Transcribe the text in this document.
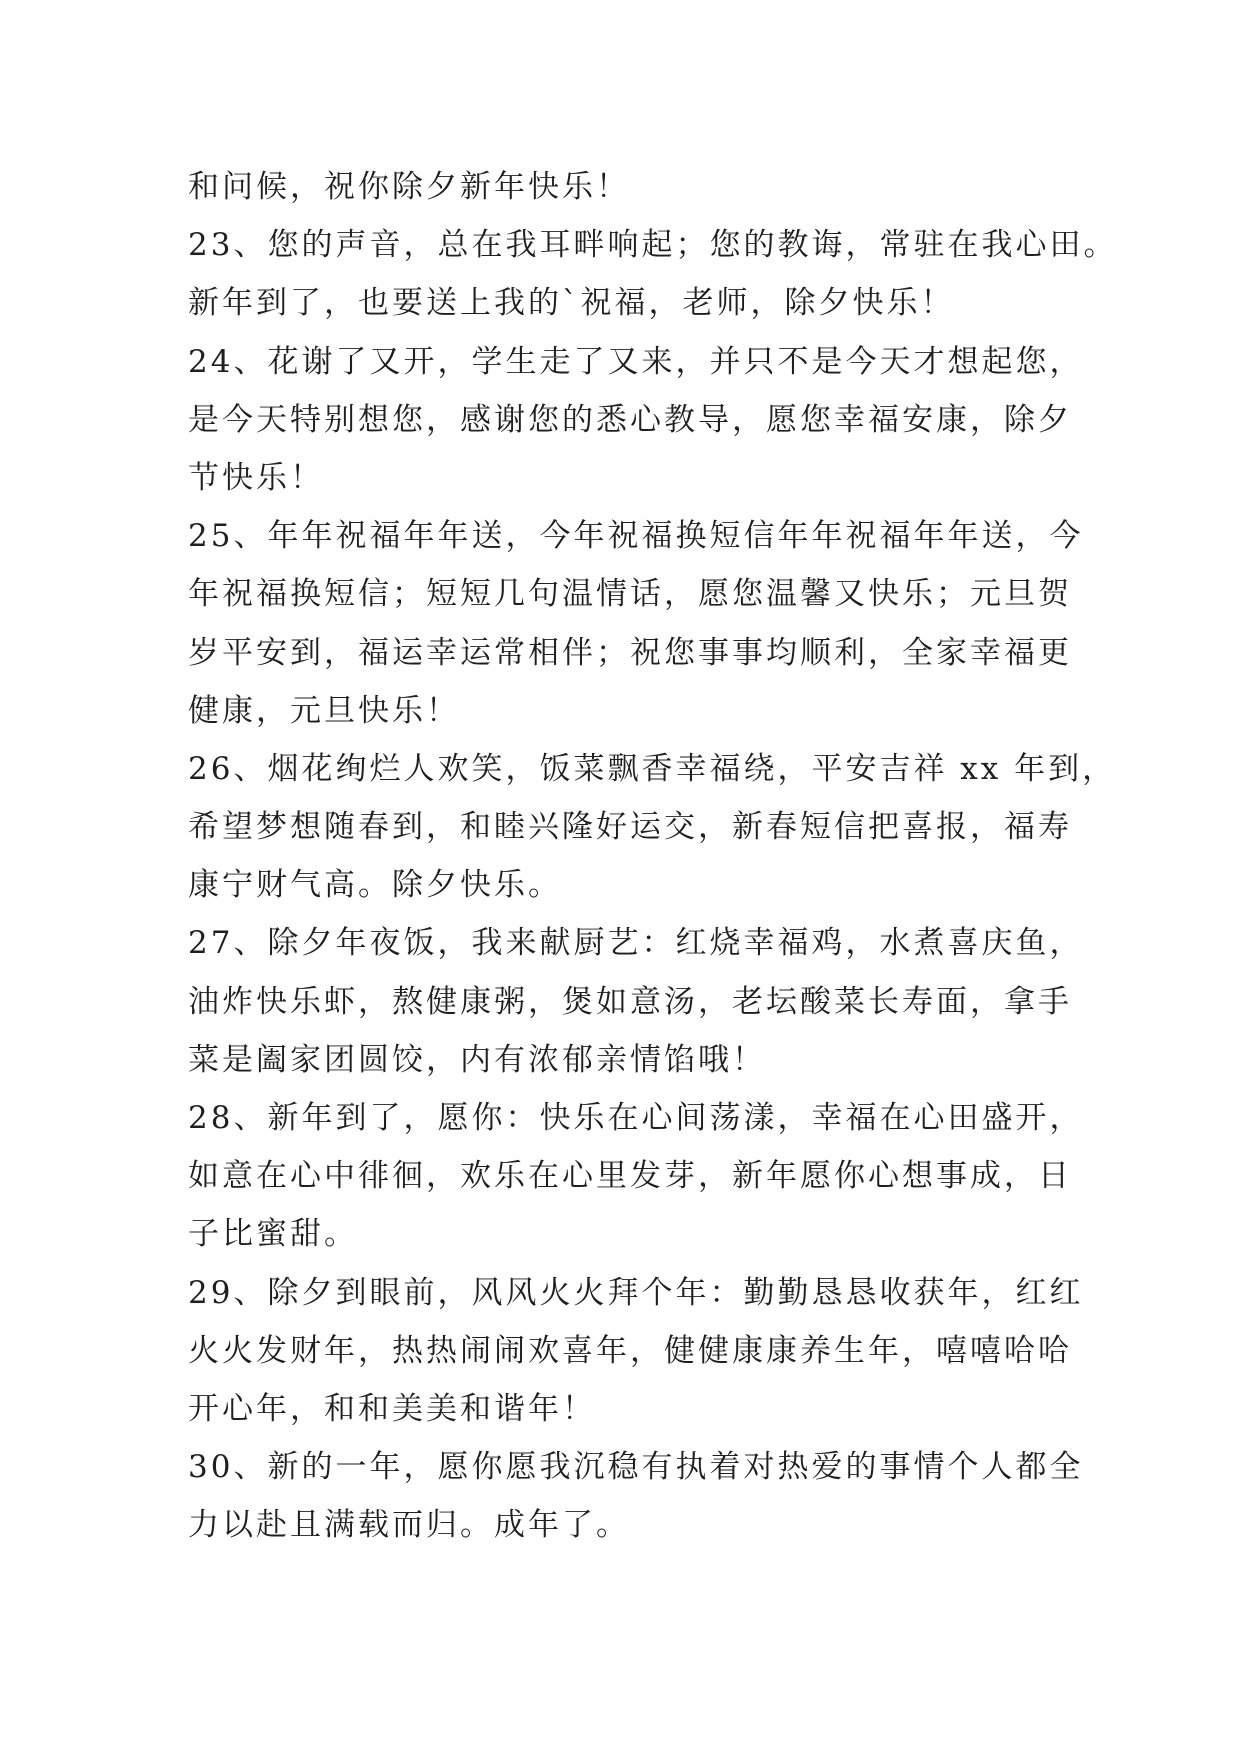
和问候，祝你除夕新年快乐！
23、您的声音，总在我耳畔响起；您的教诲，常驻在我心田。
新年到了，也要送上我的`祝福，老师，除夕快乐！
24、花谢了又开，学生走了又来，并只不是今天才想起您，
是今天特别想您，感谢您的悉心教导，愿您幸福安康，除夕
节快乐！
25、年年祝福年年送，今年祝福换短信年年祝福年年送，今
年祝福换短信；短短几句温情话，愿您温馨又快乐；元旦贺
岁平安到，福运幸运常相伴；祝您事事均顺利，全家幸福更
健康，元旦快乐！
26、烟花绚烂人欢笑，饭菜飘香幸福绕，平安吉祥 xx 年到，
希望梦想随春到，和睦兴隆好运交，新春短信把喜报，福寿
康宁财气高。除夕快乐。
27、除夕年夜饭，我来献厨艺：红烧幸福鸡，水煮喜庆鱼，
油炸快乐虾，熬健康粥，煲如意汤，老坛酸菜长寿面，拿手
菜是阖家团圆饺，内有浓郁亲情馅哦！
28、新年到了，愿你：快乐在心间荡漾，幸福在心田盛开，
如意在心中徘徊，欢乐在心里发芽，新年愿你心想事成，日
子比蜜甜。
29、除夕到眼前，风风火火拜个年：勤勤恳恳收获年，红红
火火发财年，热热闹闹欢喜年，健健康康养生年，嘻嘻哈哈
开心年，和和美美和谐年！
30、新的一年，愿你愿我沉稳有执着对热爱的事情个人都全
力以赴且满载而归。成年了。
